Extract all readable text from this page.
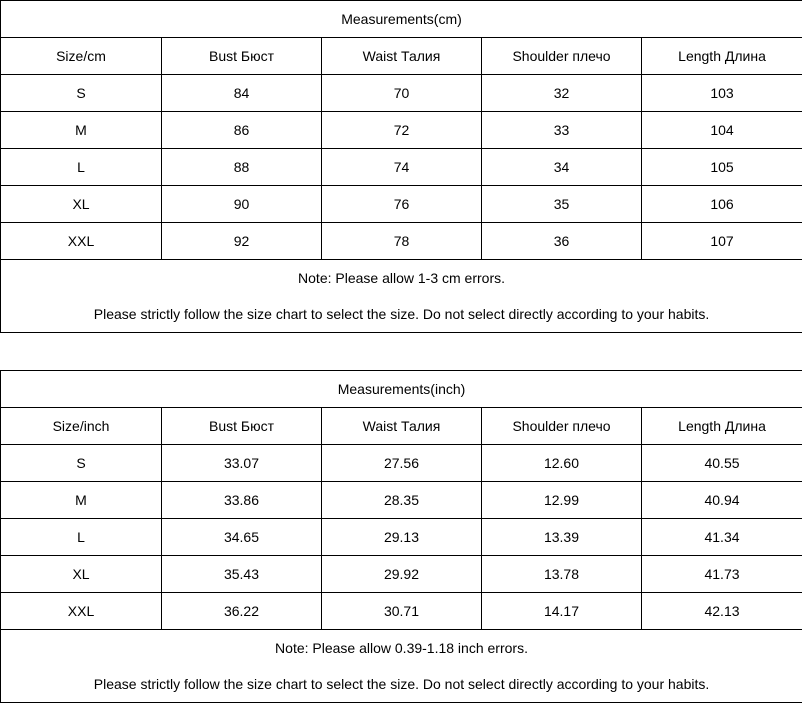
Measurements(cm)				
Size/cm	Bust Бюст	Waist Талия	Shoulder плечо	Length Длина
S	84	70	32	103
M	86	72	33	104
L	88	74	34	105
XL	90	76	35	106
XXL	92	78	36	107
Note: Please allow 1-3 cm errors.				
Please strictly follow the size chart to select the size. Do not select directly according to your habits.				
Measurements(inch)				
Size/inch	Bust Бюст	Waist Талия	Shoulder плечо	Length Длина
S	33.07	27.56	12.60	40.55
M	33.86	28.35	12.99	40.94
L	34.65	29.13	13.39	41.34
XL	35.43	29.92	13.78	41.73
XXL	36.22	30.71	14.17	42.13
Note: Please allow 0.39-1.18 inch errors.				
Please strictly follow the size chart to select the size. Do not select directly according to your habits.				
